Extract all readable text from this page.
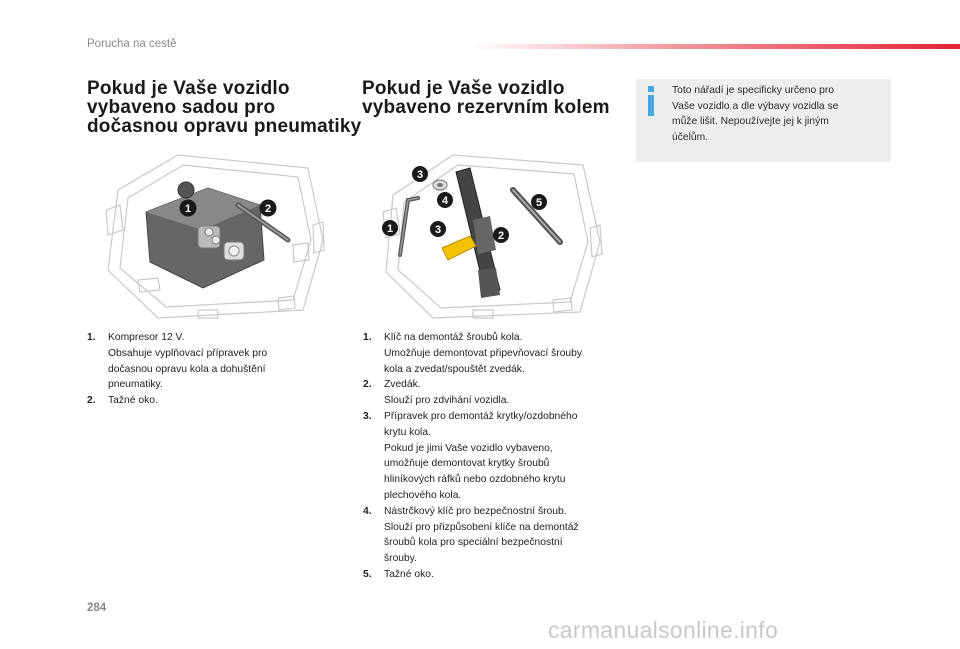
Porucha na cestě
Pokud je Vaše vozidlo
vybaveno sadou pro
dočasnou opravu pneumatiky
Pokud je Vaše vozidlo
vybaveno rezervním kolem
Toto nářadí je specificky určeno pro
Vaše vozidlo a dle výbavy vozidla se
může lišit. Nepoužívejte jej k jiným
účelům.
1	2
3
4
1	3	2
5
1. Kompresor 12 V.
Obsahuje vyplňovací přípravek pro
dočasnou opravu kola a dohuštění
pneumatiky.
2. Tažné oko.
1. Klíč na demontáž šroubů kola.
Umožňuje demontovat připevňovací šrouby
kola a zvedat/spouštět zvedák.
2. Zvedák.
Slouží pro zdvihání vozidla.
3. Přípravek pro demontáž krytky/ozdobného
krytu kola.
Pokud je jimi Vaše vozidlo vybaveno,
umožňuje demontovat krytky šroubů
hliníkových ráfků nebo ozdobného krytu
plechového kola.
4. Nástrčkový klíč pro bezpečnostní šroub.
Slouží pro přizpůsobení klíče na demontáž
šroubů kola pro speciální bezpečnostní
šrouby.
5. Tažné oko.
284
carmanualsonline.info
